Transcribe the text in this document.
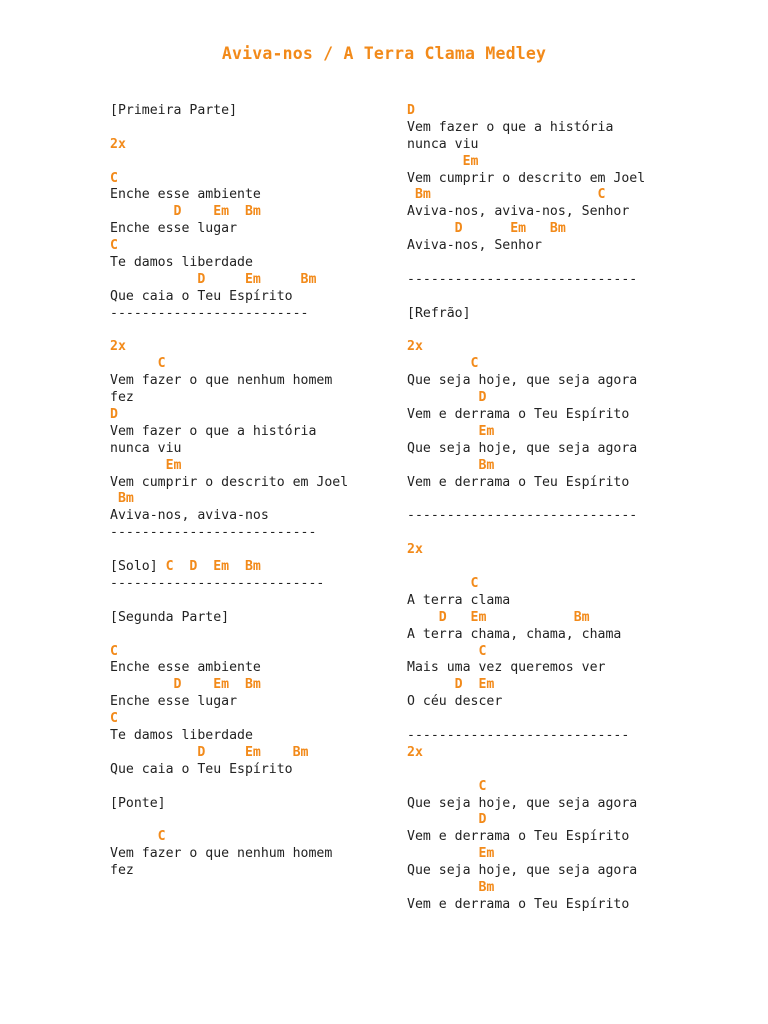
Aviva-nos / A Terra Clama Medley
[Primeira Parte]
2x
C
Enche esse ambiente
D    Em  Bm
Enche esse lugar
C
Te damos liberdade
D     Em     Bm
Que caia o Teu Espírito
-------------------------
2x
C
Vem fazer o que nenhum homem
fez
D
Vem fazer o que a história
nunca viu
Em
Vem cumprir o descrito em Joel
Bm
Aviva-nos, aviva-nos
--------------------------
[Solo] C  D  Em  Bm
---------------------------
[Segunda Parte]
C
Enche esse ambiente
D    Em  Bm
Enche esse lugar
C
Te damos liberdade
D     Em    Bm
Que caia o Teu Espírito
[Ponte]
C
Vem fazer o que nenhum homem
fez
D
Vem fazer o que a história
nunca viu
Em
Vem cumprir o descrito em Joel
Bm                     C
Aviva-nos, aviva-nos, Senhor
D      Em   Bm
Aviva-nos, Senhor
-----------------------------
[Refrão]
2x
C
Que seja hoje, que seja agora
D
Vem e derrama o Teu Espírito
Em
Que seja hoje, que seja agora
Bm
Vem e derrama o Teu Espírito
-----------------------------
2x
C
A terra clama
D   Em           Bm
A terra chama, chama, chama
C
Mais uma vez queremos ver
D  Em
O céu descer
----------------------------
2x
C
Que seja hoje, que seja agora
D
Vem e derrama o Teu Espírito
Em
Que seja hoje, que seja agora
Bm
Vem e derrama o Teu Espírito
